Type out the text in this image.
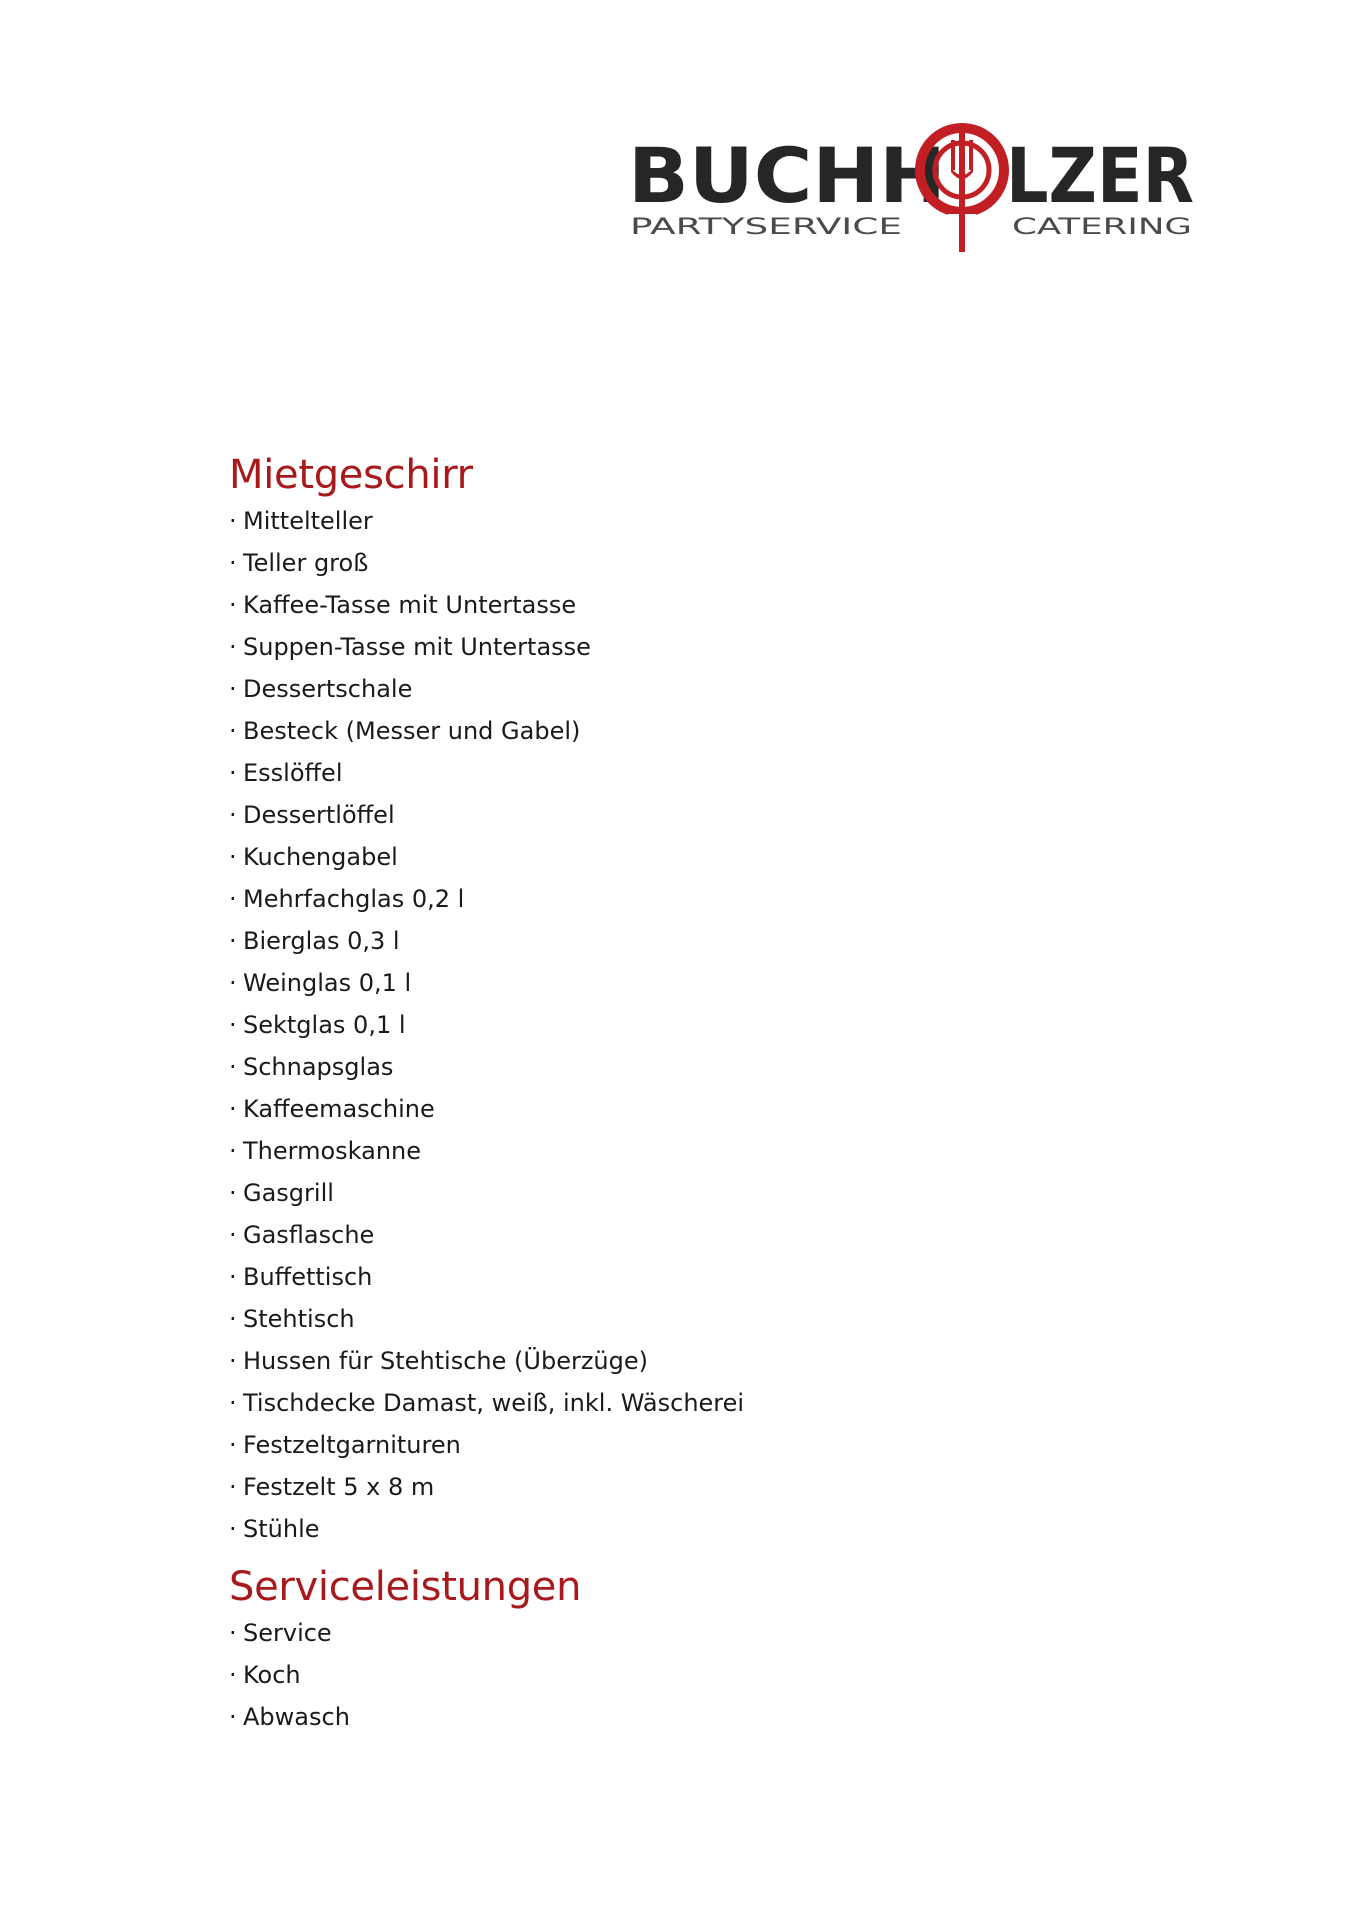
BUCHH LZER
PARTYSERVICE	CATERING
Mietgeschirr
· Mittelteller
· Teller groß
· Kaffee-Tasse mit Untertasse
· Suppen-Tasse mit Untertasse
· Dessertschale
· Besteck (Messer und Gabel)
· Esslöffel
· Dessertlöffel
· Kuchengabel
· Mehrfachglas 0,2 l
· Bierglas 0,3 l
· Weinglas 0,1 l
· Sektglas 0,1 l
· Schnapsglas
· Kaffeemaschine
· Thermoskanne
· Gasgrill
· Gasflasche
· Buffettisch
· Stehtisch
· Hussen für Stehtische (Überzüge)
· Tischdecke Damast, weiß, inkl. Wäscherei
· Festzeltgarnituren
· Festzelt 5 x 8 m
· Stühle
Serviceleistungen
· Service
· Koch
· Abwasch
